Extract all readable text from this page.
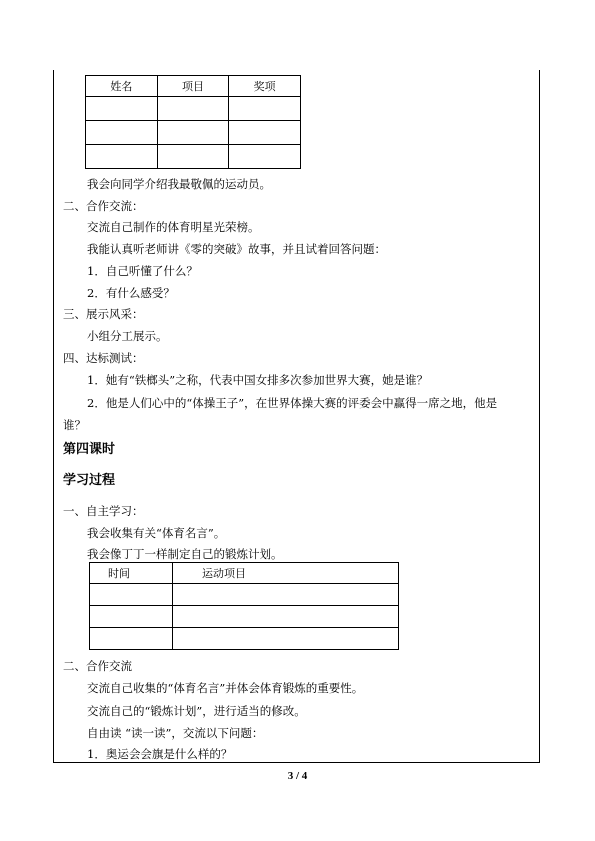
姓名	项目	奖项

我会向同学介绍我最敬佩的运动员。
二、合作交流：
交流自己制作的体育明星光荣榜。
我能认真听老师讲《零的突破》故事，并且试着回答问题：
1．自己听懂了什么？
2．有什么感受？
三、展示风采：
小组分工展示。
四、达标测试：
1．她有“铁榔头”之称，代表中国女排多次参加世界大赛，她是谁？
2．他是人们心中的“体操王子”，在世界体操大赛的评委会中赢得一席之地，他是
谁？
第四课时
学习过程
一、自主学习：
我会收集有关“体育名言”。
我会像丁丁一样制定自己的锻炼计划。
时间	运动项目

二、合作交流
交流自己收集的“体育名言”并体会体育锻炼的重要性。
交流自己的“锻炼计划”，进行适当的修改。
自由读 “读一读”，交流以下问题：
1．奥运会会旗是什么样的？
3 / 4
